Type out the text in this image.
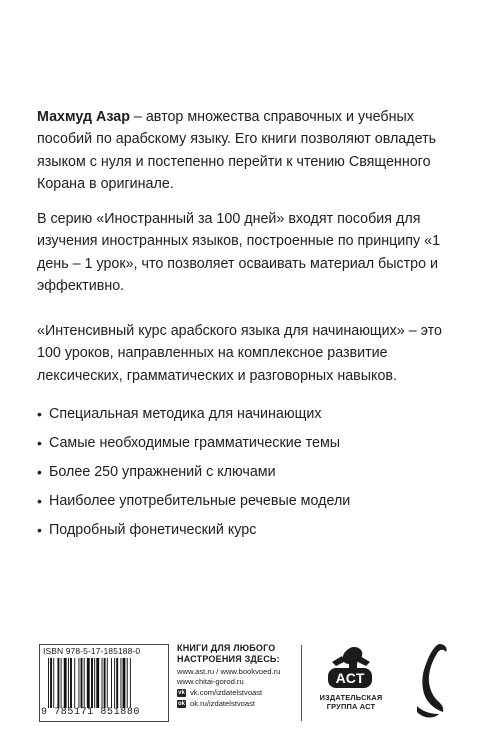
Махмуд Азар – автор множества справочных и учебных пособий по арабскому языку. Его книги позволяют овладеть языком с нуля и постепенно перейти к чтению Священного Корана в оригинале.

В серию «Иностранный за 100 дней» входят пособия для изучения иностранных языков, построенные по принципу «1 день – 1 урок», что позволяет осваивать материал быстро и эффективно.

«Интенсивный курс арабского языка для начинающих» – это 100 уроков, направленных на комплексное развитие лексических, грамматических и разговорных навыков.

• Специальная методика для начинающих
• Самые необходимые грамматические темы
• Более 250 упражнений с ключами
• Наиболее употребительные речевые модели
• Подробный фонетический курс
ISBN 978-5-17-185188-0
9 785171 851880
КНИГИ ДЛЯ ЛЮБОГО
НАСТРОЕНИЯ ЗДЕСЬ:
www.ast.ru / www.bookvoed.ru
www.chitai-gorod.ru
vk vk.com/izdatelstvoast
ok ok.ru/izdatelstvoast
ACT
ИЗДАТЕЛЬСКАЯ
ГРУППА АСТ
